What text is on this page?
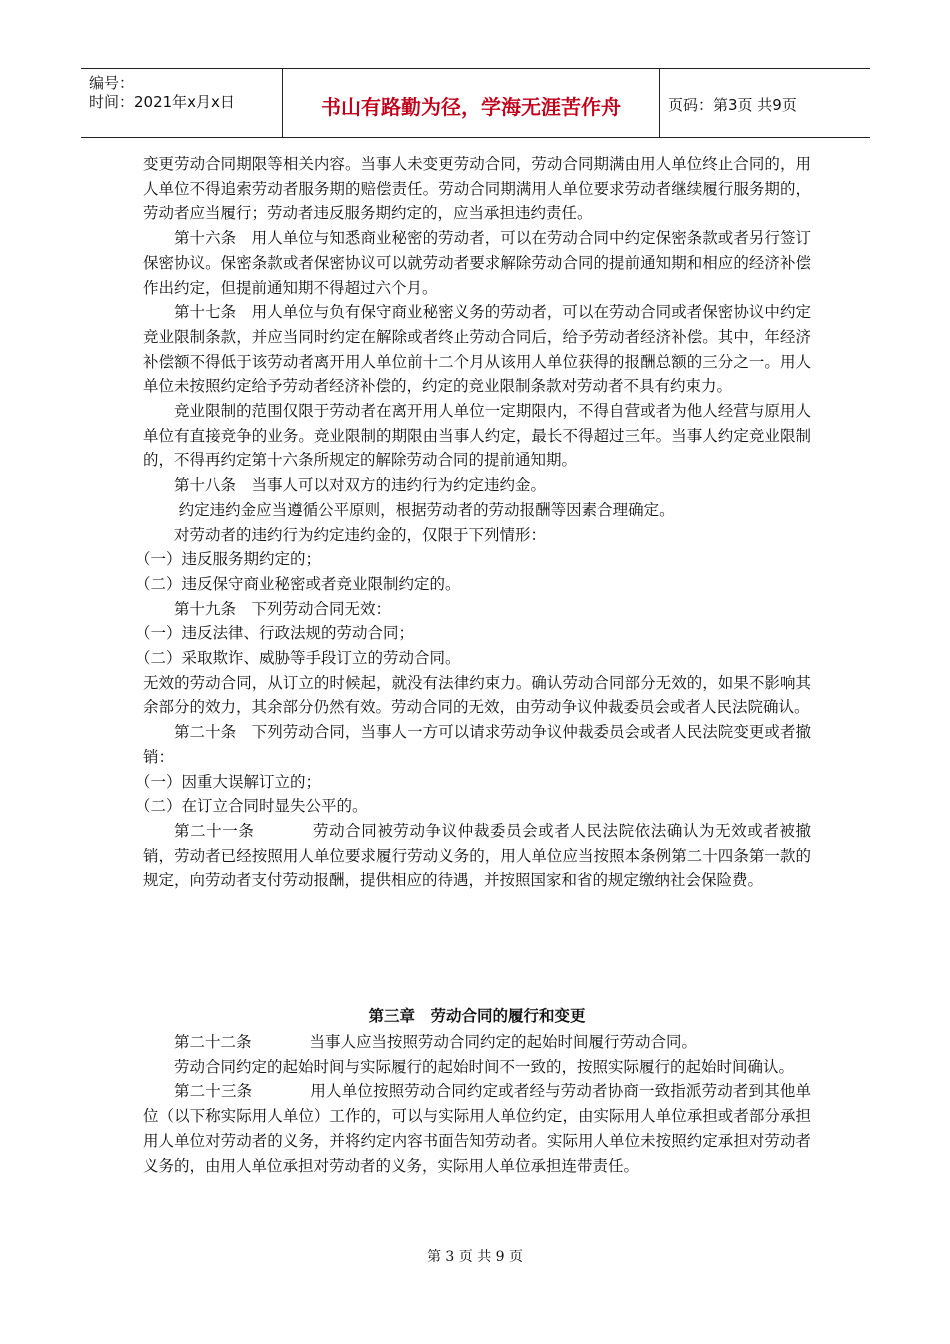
编号：
时间：2021年x月x日	书山有路勤为径，学海无涯苦作舟	页码：第3页 共9页

变更劳动合同期限等相关内容。当事人未变更劳动合同，劳动合同期满由用人单位终止合同的，用人单位不得追索劳动者服务期的赔偿责任。劳动合同期满用人单位要求劳动者继续履行服务期的，劳动者应当履行；劳动者违反服务期约定的，应当承担违约责任。

第十六条　用人单位与知悉商业秘密的劳动者，可以在劳动合同中约定保密条款或者另行签订保密协议。保密条款或者保密协议可以就劳动者要求解除劳动合同的提前通知期和相应的经济补偿作出约定，但提前通知期不得超过六个月。

第十七条　用人单位与负有保守商业秘密义务的劳动者，可以在劳动合同或者保密协议中约定竞业限制条款，并应当同时约定在解除或者终止劳动合同后，给予劳动者经济补偿。其中，年经济补偿额不得低于该劳动者离开用人单位前十二个月从该用人单位获得的报酬总额的三分之一。用人单位未按照约定给予劳动者经济补偿的，约定的竞业限制条款对劳动者不具有约束力。

竞业限制的范围仅限于劳动者在离开用人单位一定期限内，不得自营或者为他人经营与原用人单位有直接竞争的业务。竞业限制的期限由当事人约定，最长不得超过三年。当事人约定竞业限制的，不得再约定第十六条所规定的解除劳动合同的提前通知期。

第十八条　当事人可以对双方的违约行为约定违约金。

约定违约金应当遵循公平原则，根据劳动者的劳动报酬等因素合理确定。

对劳动者的违约行为约定违约金的，仅限于下列情形：

（一）违反服务期约定的；

（二）违反保守商业秘密或者竞业限制约定的。

第十九条　下列劳动合同无效：

（一）违反法律、行政法规的劳动合同；

（二）采取欺诈、威胁等手段订立的劳动合同。

无效的劳动合同，从订立的时候起，就没有法律约束力。确认劳动合同部分无效的，如果不影响其余部分的效力，其余部分仍然有效。劳动合同的无效，由劳动争议仲裁委员会或者人民法院确认。

第二十条　下列劳动合同，当事人一方可以请求劳动争议仲裁委员会或者人民法院变更或者撤销：

（一）因重大误解订立的；

（二）在订立合同时显失公平的。

第二十一条	劳动合同被劳动争议仲裁委员会或者人民法院依法确认为无效或者被撤销，劳动者已经按照用人单位要求履行劳动义务的，用人单位应当按照本条例第二十四条第一款的规定，向劳动者支付劳动报酬，提供相应的待遇，并按照国家和省的规定缴纳社会保险费。

第三章　劳动合同的履行和变更

第二十二条	当事人应当按照劳动合同约定的起始时间履行劳动合同。

劳动合同约定的起始时间与实际履行的起始时间不一致的，按照实际履行的起始时间确认。

第二十三条	用人单位按照劳动合同约定或者经与劳动者协商一致指派劳动者到其他单位（以下称实际用人单位）工作的，可以与实际用人单位约定，由实际用人单位承担或者部分承担用人单位对劳动者的义务，并将约定内容书面告知劳动者。实际用人单位未按照约定承担对劳动者义务的，由用人单位承担对劳动者的义务，实际用人单位承担连带责任。

第 3 页 共 9 页
